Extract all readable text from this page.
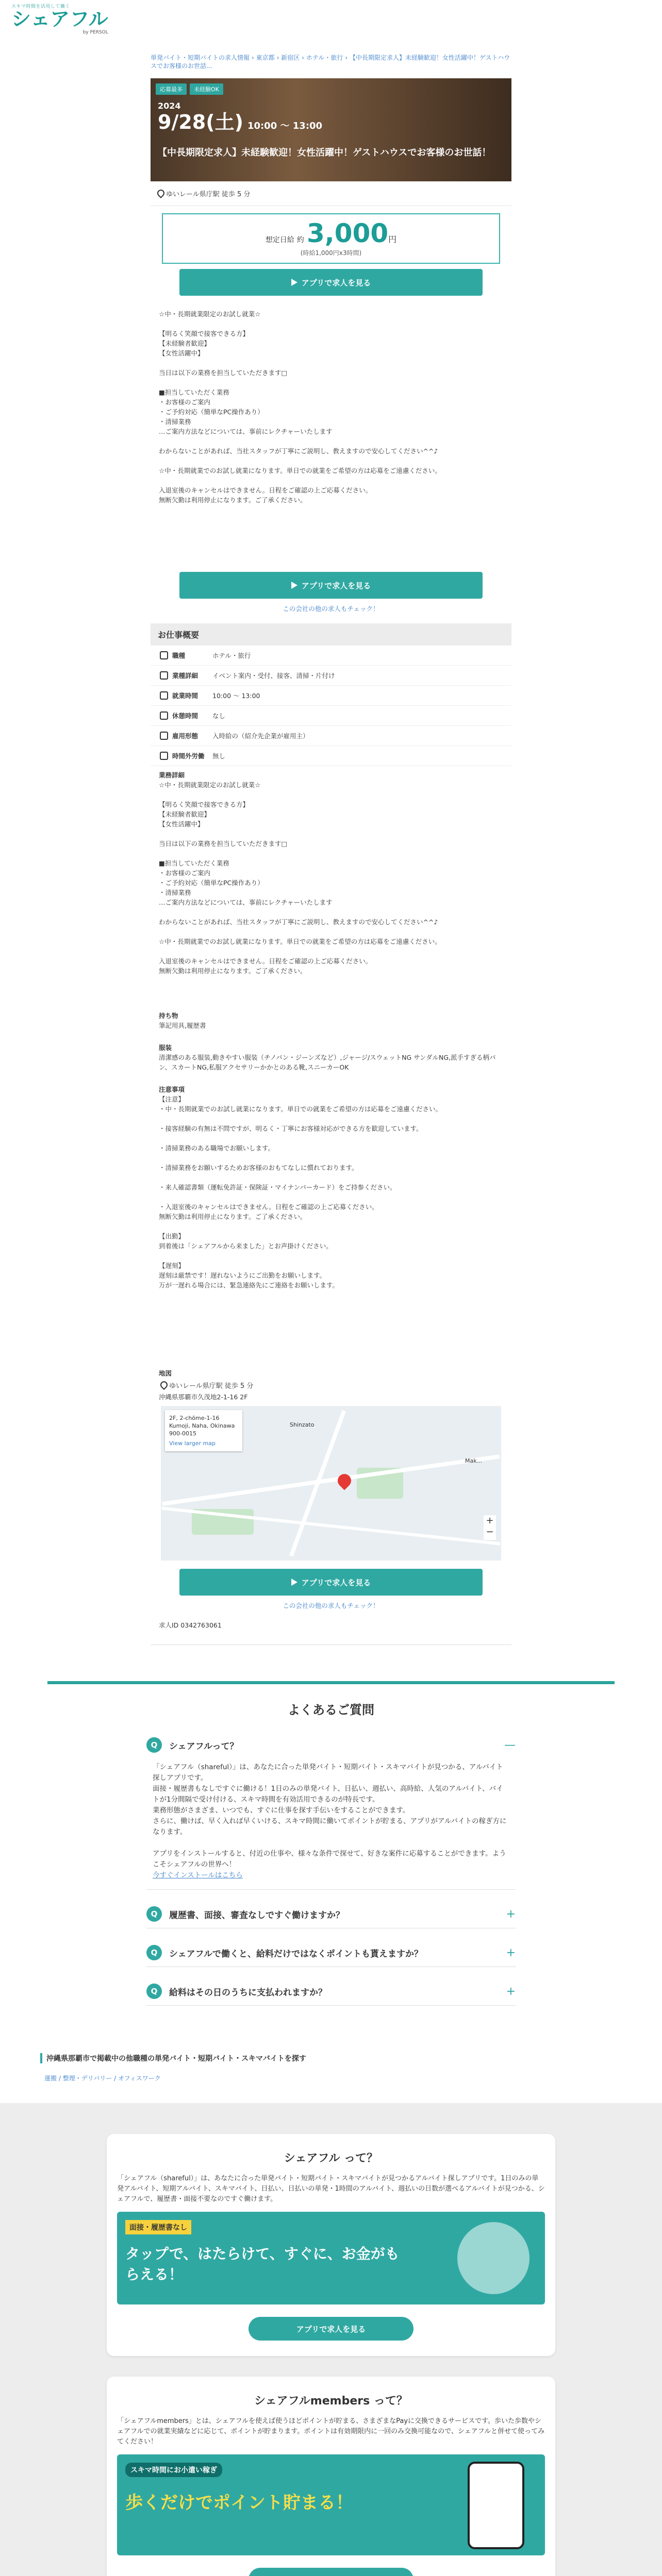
スキマ時間を活用して働く
シェアフル
by PERSOL
単発バイト・短期バイトの求人情報 › 東京都 › 新宿区 › ホテル・旅行 › 【中長期限定求人】未経験歓迎！女性活躍中！ゲストハウスでお客様のお世話...
応募最多	未経験OK
2024
9/28(土) 10:00 ～ 13:00
【中長期限定求人】未経験歓迎！女性活躍中！ゲストハウスでお客様のお世話！
ゆいレール県庁駅 徒歩 5 分
想定日給 約 3,000円
(時給1,000円x3時間)
アプリで求人を見る
☆中・長期就業限定のお試し就業☆

【明るく笑顔で接客できる方】
【未経験者歓迎】
【女性活躍中】

当日は以下の業務を担当していただきます□

■担当していただく業務
・お客様のご案内
・ご予約対応（簡単なPC操作あり）
・清掃業務
…ご案内方法などについては、事前にレクチャーいたします

わからないことがあれば、当社スタッフが丁寧にご説明し、教えますので安心してください^^♪

☆中・長期就業でのお試し就業になります。単日での就業をご希望の方は応募をご遠慮ください。

入退室後のキャンセルはできません。日程をご確認の上ご応募ください。
無断欠勤は利用停止になります。ご了承ください。
アプリで求人を見る
この会社の他の求人もチェック！
お仕事概要
職種	ホテル・旅行
業種詳細	イベント案内・受付、接客、清掃・片付け
就業時間	10:00 ～ 13:00
休憩時間	なし
雇用形態	入時給の（紹介先企業が雇用主）
時間外労働	無し
業務詳細
☆中・長期就業限定のお試し就業☆

【明るく笑顔で接客できる方】
【未経験者歓迎】
【女性活躍中】

当日は以下の業務を担当していただきます□

■担当していただく業務
・お客様のご案内
・ご予約対応（簡単なPC操作あり）
・清掃業務
…ご案内方法などについては、事前にレクチャーいたします

わからないことがあれば、当社スタッフが丁寧にご説明し、教えますので安心してください^^♪

☆中・長期就業でのお試し就業になります。単日での就業をご希望の方は応募をご遠慮ください。

入退室後のキャンセルはできません。日程をご確認の上ご応募ください。
無断欠勤は利用停止になります。ご了承ください。
持ち物
筆記用具,履歴書
服装
清潔感のある服装,動きやすい服装（チノパン・ジーンズなど）,ジャージ/スウェットNG サンダルNG,派手すぎる柄パン、スカートNG,私服アクセサリーかかとのある靴,スニーカーOK
注意事項
【注意】
・中・長期就業でのお試し就業になります。単日での就業をご希望の方は応募をご遠慮ください。

・接客経験の有無は不問ですが、明るく・丁寧にお客様対応ができる方を歓迎しています。

・清掃業務のある職場でお願いします。

・清掃業務をお願いするためお客様のおもてなしに慣れております。

・来人確認書類（運転免許証・保険証・マイナンバーカード）をご持参ください。

・入退室後のキャンセルはできません。日程をご確認の上ご応募ください。
無断欠勤は利用停止になります。ご了承ください。

【出勤】
到着後は「シェアフルから来ました」とお声掛けください。

【遅刻】
遅刻は厳禁です！遅れないようにご出勤をお願いします。
万が一遅れる場合には、緊急連絡先にご連絡をお願いします。
地図
ゆいレール県庁駅 徒歩 5 分
沖縄県那覇市久茂地2-1-16 2F
2F, 2-chōme-1-16 Kumoji, Naha, Okinawa 900-0015
View larger map
Shinzato
Mak...
+
−
アプリで求人を見る
この会社の他の求人もチェック！
求人ID 0342763061
よくあるご質問
Q	シェアフルって？	—
「シェアフル（shareful）」は、あなたに合った単発バイト・短期バイト・スキマバイトが見つかる、アルバイト探しアプリです。
面接・履歴書もなしですぐに働ける！1日のみの単発バイト、日払い、週払い、高時給、人気のアルバイト、バイトが1分間隔で受け付ける、スキマ時間を有効活用できるのが特長です。
業務形態がさまざま、いつでも、すぐに仕事を探す手伝いをすることができます。
さらに、働けば、早く入れば早くいける、スキマ時間に働いてポイントが貯まる、アプリがアルバイトの稼ぎ方になります。

アプリをインストールすると、付近の仕事や、様々な条件で探せて、好きな案件に応募することができます。ようこそシェアフルの世界へ！
今すぐインストールはこちら
Q	履歴書、面接、審査なしですぐ働けますか？	+
Q	シェアフルで働くと、給料だけではなくポイントも貰えますか？	+
Q	給料はその日のうちに支払われますか？	+
沖縄県那覇市で掲載中の他職種の単発バイト・短期バイト・スキマバイトを探す
運搬 / 整理・デリバリー / オフィスワーク
シェアフル って？
「シェアフル（shareful）」は、あなたに合った単発バイト・短期バイト・スキマバイトが見つかるアルバイト探しアプリです。1日のみの単発アルバイト、短期アルバイト、スキマバイト、日払い、日払いの単発・1時間のアルバイト、週払いの日数が選べるアルバイトが見つかる、シェアフルで、履歴書・面接不要なのですぐ働けます。
面接・履歴書なし
タップで、はたらけて、すぐに、お金がもらえる！
アプリで求人を見る
シェアフルmembers って？
「シェアフルmembers」とは、シェアフルを使えば使うほどポイントが貯まる、さまざまなPayに交換できるサービスです。歩いた歩数やシェアフルでの就業実績などに応じて、ポイントが貯まります。ポイントは有効期限内に一回のみ交換可能なので、シェアフルと併せて使ってみてください！
スキマ時間にお小遣い稼ぎ
歩くだけでポイント貯まる！
